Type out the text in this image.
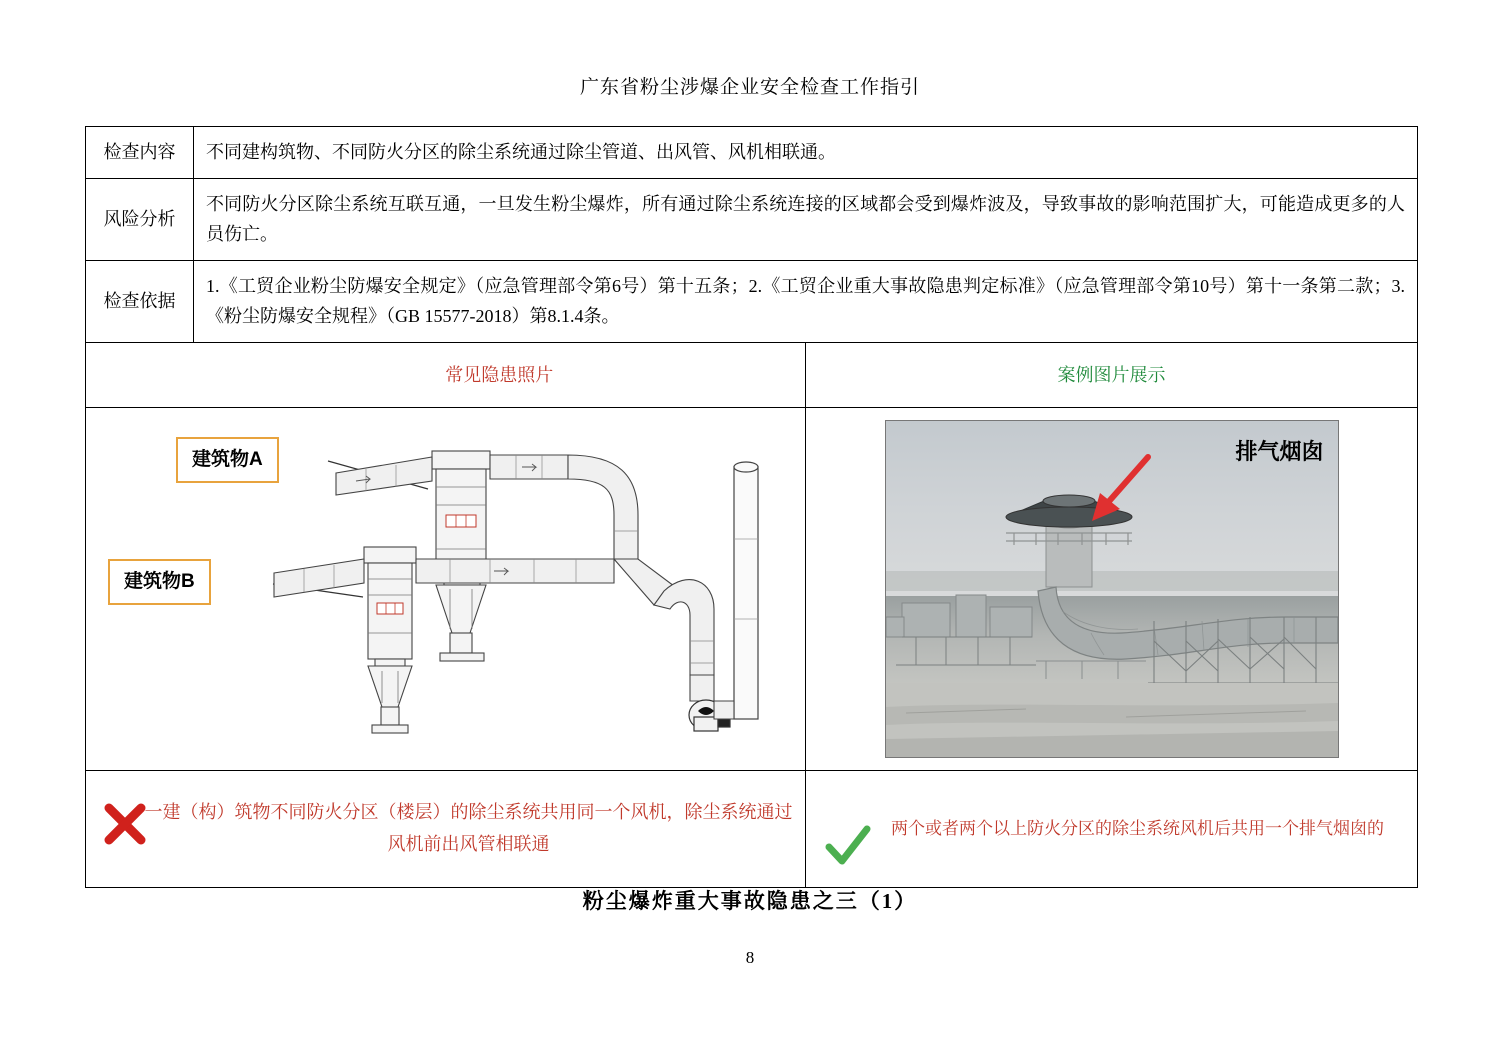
广东省粉尘涉爆企业安全检查工作指引
检查内容	不同建构筑物、不同防火分区的除尘系统通过除尘管道、出风管、风机相联通。	
风险分析	不同防火分区除尘系统互联互通，一旦发生粉尘爆炸，所有通过除尘系统连接的区域都会受到爆炸波及，导致事故的影响范围扩大，可能造成更多的人员伤亡。	
检查依据	1.《工贸企业粉尘防爆安全规定》（应急管理部令第6号）第十五条；2.《工贸企业重大事故隐患判定标准》（应急管理部令第10号）第十一条第二款；3.《粉尘防爆安全规程》（GB 15577-2018）第8.1.4条。	
	常见隐患照片	案例图片展示

建筑物A
建筑物B		排气烟囱

一建（构）筑物不同防火分区（楼层）的除尘系统共用同一个风机，除尘系统通过风机前出风管相联通		两个或者两个以上防火分区的除尘系统风机后共用一个排气烟囱的
粉尘爆炸重大事故隐患之三（1）
8
